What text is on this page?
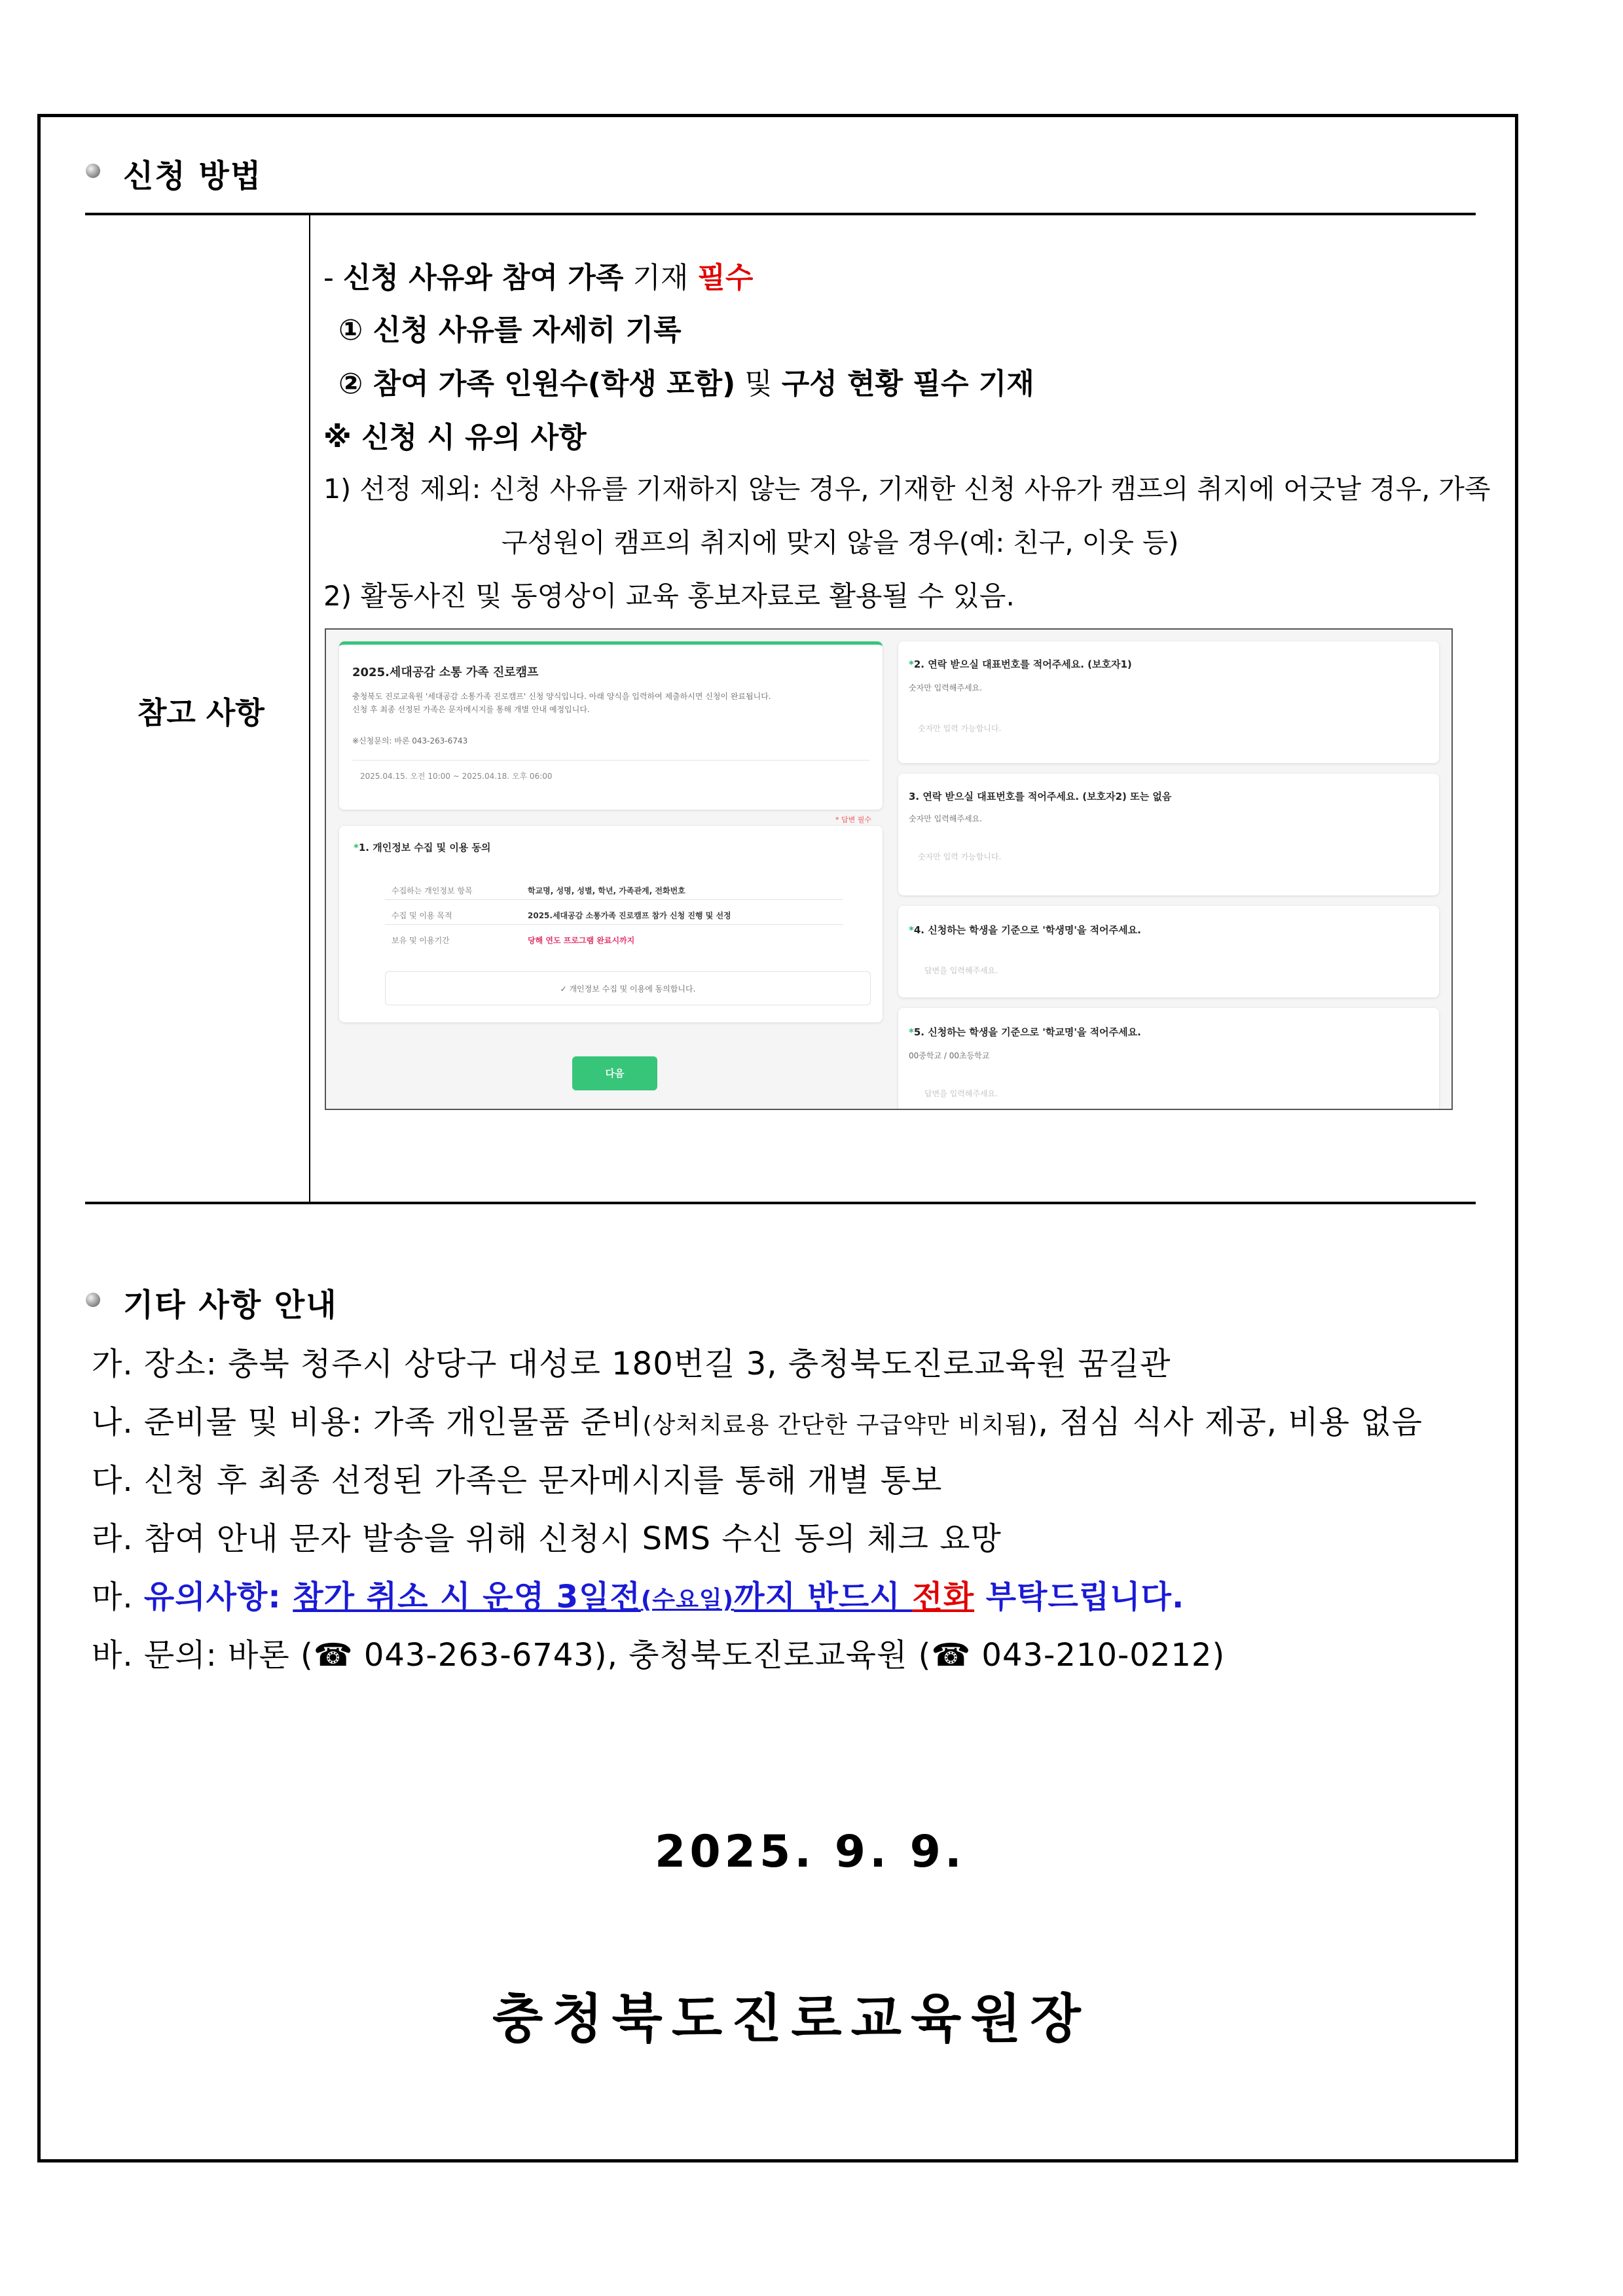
신청 방법
참고 사항
- 신청 사유와 참여 가족 기재 필수
① 신청 사유를 자세히 기록
② 참여 가족 인원수(학생 포함) 및 구성 현황 필수 기재
※ 신청 시 유의 사항
1) 선정 제외: 신청 사유를 기재하지 않는 경우, 기재한 신청 사유가 캠프의 취지에 어긋날 경우, 가족
구성원이 캠프의 취지에 맞지 않을 경우(예: 친구, 이웃 등)
2) 활동사진 및 동영상이 교육 홍보자료로 활용될 수 있음.
2025.세대공감 소통 가족 진로캠프
충청북도 진로교육원 '세대공감 소통가족 진로캠프' 신청 양식입니다. 아래 양식을 입력하여 제출하시면 신청이 완료됩니다.
신청 후 최종 선정된 가족은 문자메시지를 통해 개별 안내 예정입니다.
※신청문의: 바론 043-263-6743
2025.04.15. 오전 10:00 ~ 2025.04.18. 오후 06:00
* 답변 필수
*1. 개인정보 수집 및 이용 동의
수집하는 개인정보 항목	학교명, 성명, 성별, 학년, 가족관계, 전화번호
수집 및 이용 목적	2025.세대공감 소통가족 진로캠프 참가 신청 진행 및 선정
보유 및 이용기간	당해 연도 프로그램 완료시까지
✓ 개인정보 수집 및 이용에 동의합니다.
다음
*2. 연락 받으실 대표번호를 적어주세요. (보호자1)
숫자만 입력해주세요.
숫자만 입력 가능합니다.
3. 연락 받으실 대표번호를 적어주세요. (보호자2) 또는 없음
숫자만 입력해주세요.
숫자만 입력 가능합니다.
*4. 신청하는 학생을 기준으로 '학생명'을 적어주세요.
답변을 입력해주세요.
*5. 신청하는 학생을 기준으로 '학교명'을 적어주세요.
00중학교 / 00초등학교
답변을 입력해주세요.
기타 사항 안내
가. 장소: 충북 청주시 상당구 대성로 180번길 3, 충청북도진로교육원 꿈길관
나. 준비물 및 비용: 가족 개인물품 준비(상처치료용 간단한 구급약만 비치됨), 점심 식사 제공, 비용 없음
다. 신청 후 최종 선정된 가족은 문자메시지를 통해 개별 통보
라. 참여 안내 문자 발송을 위해 신청시 SMS 수신 동의 체크 요망
마. 유의사항: 참가 취소 시 운영 3일전(수요일)까지 반드시 전화 부탁드립니다.
바. 문의: 바론 (☎ 043-263-6743), 충청북도진로교육원 (☎ 043-210-0212)
2025. 9. 9.
충청북도진로교육원장
